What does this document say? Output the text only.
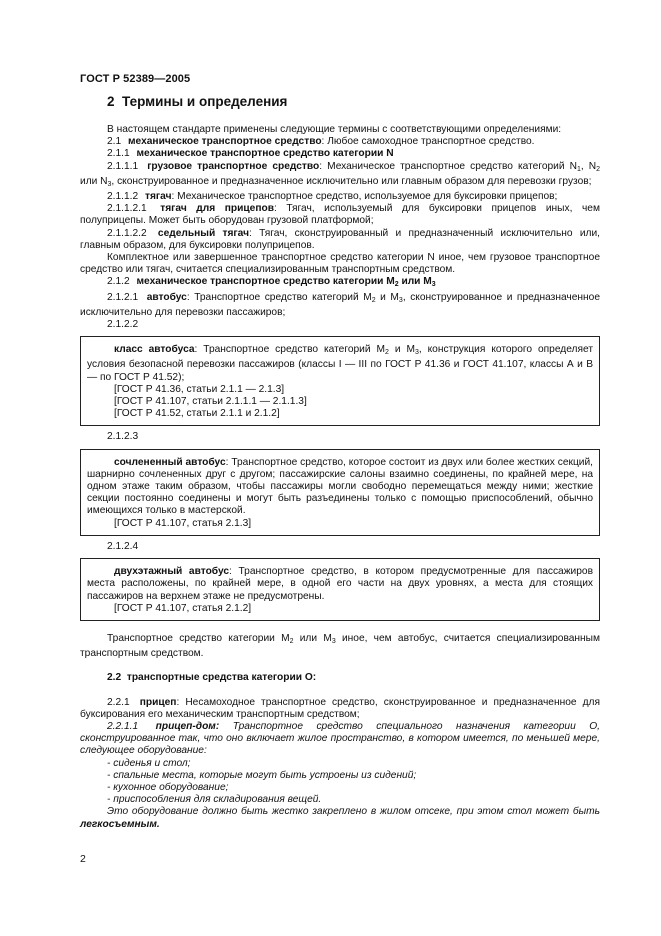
ГОСТ Р 52389—2005
2 Термины и определения

В настоящем стандарте применены следующие термины с соответствующими определениями:

2.1 механическое транспортное средство: Любое самоходное транспортное средство.

2.1.1 механическое транспортное средство категории N

2.1.1.1 грузовое транспортное средство: Механическое транспортное средство категорий $N_1$, $N_2$ или $N_3$, сконструированное и предназначенное исключительно или главным образом для перевозки грузов;

2.1.1.2 тягач: Механическое транспортное средство, используемое для буксировки прицепов;

2.1.1.2.1 тягач для прицепов: Тягач, используемый для буксировки прицепов иных, чем полуприцепы. Может быть оборудован грузовой платформой;

2.1.1.2.2 седельный тягач: Тягач, сконструированный и предназначенный исключительно или, главным образом, для буксировки полуприцепов.

Комплектное или завершенное транспортное средство категории N иное, чем грузовое транспортное средство или тягач, считается специализированным транспортным средством.

2.1.2 механическое транспортное средство категории $M_2$ или $M_3$

2.1.2.1 автобус: Транспортное средство категорий $M_2$ и $M_3$, сконструированное и предназначенное исключительно для перевозки пассажиров;

2.1.2.2

класс автобуса: Транспортное средство категорий $M_2$ и $M_3$, конструкция которого определяет условия безопасной перевозки пассажиров (классы I — III по ГОСТ Р 41.36 и ГОСТ 41.107, классы А и В — по ГОСТ Р 41.52);

[ГОСТ Р 41.36, статьи 2.1.1 — 2.1.3]

[ГОСТ Р 41.107, статьи 2.1.1.1 — 2.1.1.3]

[ГОСТ Р 41.52, статьи 2.1.1 и 2.1.2]

2.1.2.3

сочлененный автобус: Транспортное средство, которое состоит из двух или более жестких секций, шарнирно сочлененных друг с другом; пассажирские салоны взаимно соединены, по крайней мере, на одном этаже таким образом, чтобы пассажиры могли свободно перемещаться между ними; жесткие секции постоянно соединены и могут быть разъединены только с помощью приспособлений, обычно имеющихся только в мастерской.

[ГОСТ Р 41.107, статья 2.1.3]

2.1.2.4

двухэтажный автобус: Транспортное средство, в котором предусмотренные для пассажиров места расположены, по крайней мере, в одной его части на двух уровнях, а места для стоящих пассажиров на верхнем этаже не предусмотрены.

[ГОСТ Р 41.107, статья 2.1.2]

Транспортное средство категории $M_2$ или $M_3$ иное, чем автобус, считается специализированным транспортным средством.

2.2 транспортные средства категории О:

2.2.1 прицеп: Несамоходное транспортное средство, сконструированное и предназначенное для буксирования его механическим транспортным средством;

2.2.1.1 прицеп-дом: Транспортное средство специального назначения категории О, сконструированное так, что оно включает жилое пространство, в котором имеется, по меньшей мере, следующее оборудование:

- сиденья и стол;

- спальные места, которые могут быть устроены из сидений;

- кухонное оборудование;

- приспособления для складирования вещей.

Это оборудование должно быть жестко закреплено в жилом отсеке, при этом стол может быть легкосъемным.

2
